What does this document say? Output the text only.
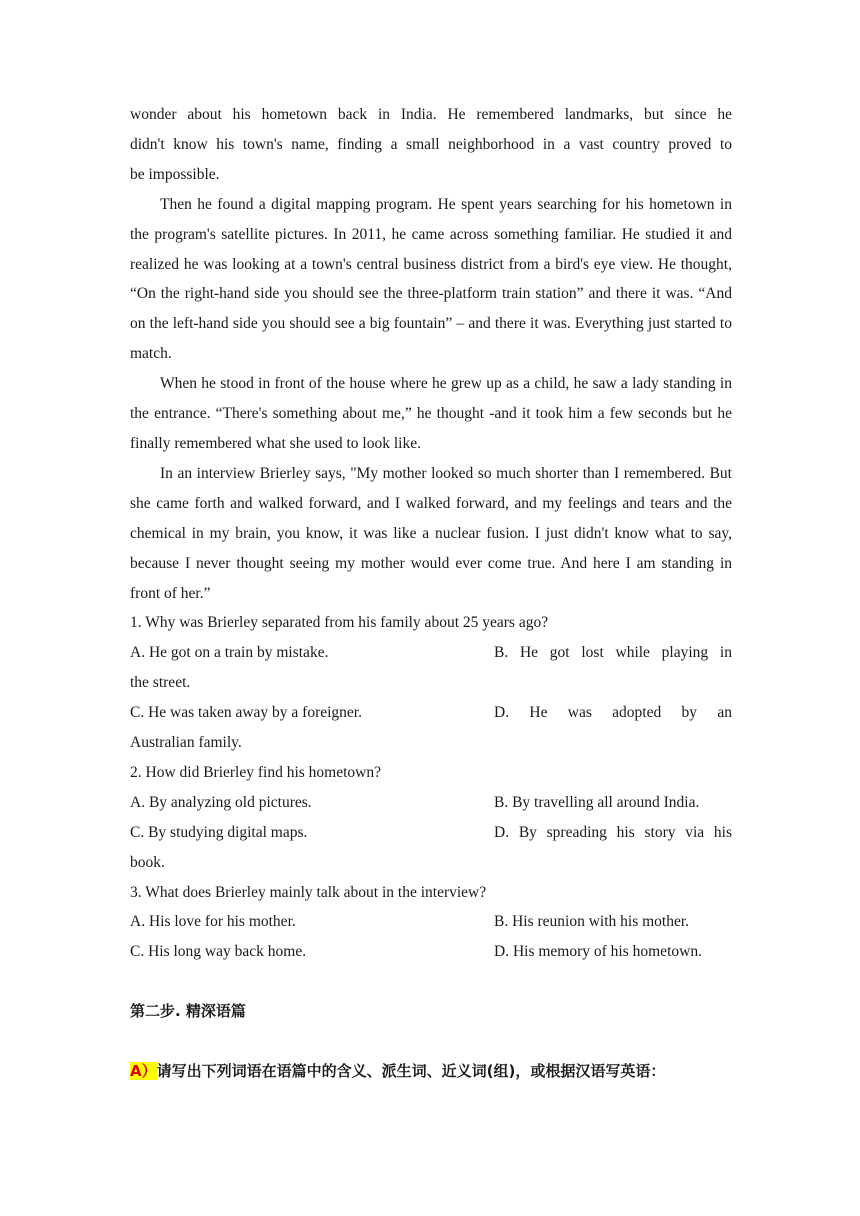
wonder about his hometown back in India. He remembered landmarks, but since he

didn't know his town's name, finding a small neighborhood in a vast country proved to

be impossible.

Then he found a digital mapping program. He spent years searching for his hometown in the program's satellite pictures. In 2011, he came across something familiar. He studied it and realized he was looking at a town's central business district from a bird's eye view. He thought, “On the right-hand side you should see the three-platform train station” and there it was. “And on the left-hand side you should see a big fountain” – and there it was. Everything just started to match.

When he stood in front of the house where he grew up as a child, he saw a lady standing in the entrance. “There's something about me,” he thought -and it took him a few seconds but he finally remembered what she used to look like.

In an interview Brierley says, "My mother looked so much shorter than I remembered. But she came forth and walked forward, and I walked forward, and my feelings and tears and the chemical in my brain, you know, it was like a nuclear fusion. I just didn't know what to say, because I never thought seeing my mother would ever come true. And here I am standing in front of her.”

1. Why was Brierley separated from his family about 25 years ago?

A. He got on a train by mistake.	B. He got lost while playing in
the street.
C. He was taken away by a foreigner.	D. He was adopted by an
Australian family.

2. How did Brierley find his hometown?

A. By analyzing old pictures.	B. By travelling all around India.
C. By studying digital maps.	D. By spreading his story via his
book.

3. What does Brierley mainly talk about in the interview?

A. His love for his mother.	B. His reunion with his mother.
C. His long way back home.	D. His memory of his hometown.

第二步. 精深语篇

A）请写出下列词语在语篇中的含义、派生词、近义词(组)，或根据汉语写英语：
